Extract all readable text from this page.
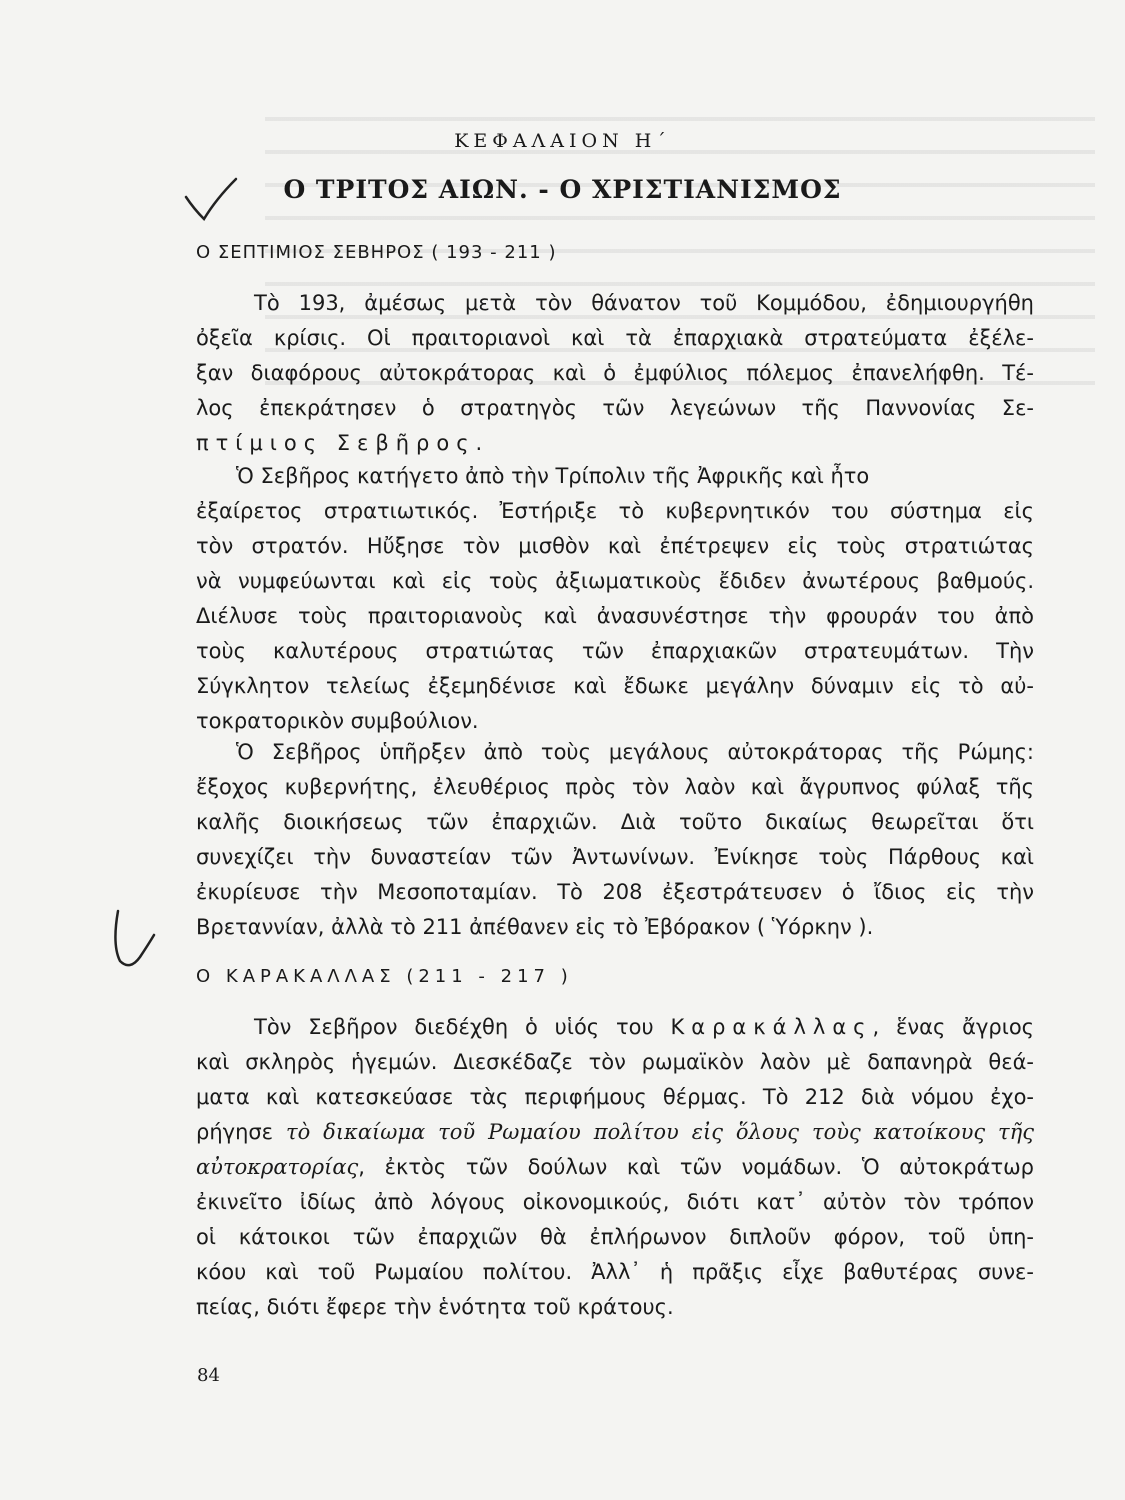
ΚΕΦΑΛΑΙΟΝ Η΄
Ο ΤΡΙΤΟΣ ΑΙΩΝ. - Ο ΧΡΙΣΤΙΑΝΙΣΜΟΣ
Ο ΣΕΠΤΙΜΙΟΣ ΣΕΒΗΡΟΣ ( 193 - 211 )

Τὸ 193, ἀμέσως μετὰ τὸν θάνατον τοῦ Κομμόδου, ἐδημιουργήθη
ὀξεῖα κρίσις. Οἱ πραιτοριανοὶ καὶ τὰ ἐπαρχιακὰ στρατεύματα ἐξέλε-
ξαν διαφόρους αὐτοκράτορας καὶ ὁ ἐμφύλιος πόλεμος ἐπανελήφθη. Τέ-
λος ἐπεκράτησεν ὁ στρατηγὸς τῶν λεγεώνων τῆς Παννονίας Σε-
πτίμιος Σεβῆρος.

Ὁ Σεβῆρος κατήγετο ἀπὸ τὴν Τρίπολιν τῆς Ἀφρικῆς καὶ ἦτο
ἐξαίρετος στρατιωτικός. Ἐστήριξε τὸ κυβερνητικόν του σύστημα εἰς
τὸν στρατόν. Ηὔξησε τὸν μισθὸν καὶ ἐπέτρεψεν εἰς τοὺς στρατιώτας
νὰ νυμφεύωνται καὶ εἰς τοὺς ἀξιωματικοὺς ἔδιδεν ἀνωτέρους βαθμούς.
Διέλυσε τοὺς πραιτοριανοὺς καὶ ἀνασυνέστησε τὴν φρουράν του ἀπὸ
τοὺς καλυτέρους στρατιώτας τῶν ἐπαρχιακῶν στρατευμάτων. Τὴν
Σύγκλητον τελείως ἐξεμηδένισε καὶ ἔδωκε μεγάλην δύναμιν εἰς τὸ αὐ-
τοκρατορικὸν συμβούλιον.

Ὁ Σεβῆρος ὑπῆρξεν ἀπὸ τοὺς μεγάλους αὐτοκράτορας τῆς Ρώμης:
ἔξοχος κυβερνήτης, ἐλευθέριος πρὸς τὸν λαὸν καὶ ἄγρυπνος φύλαξ τῆς
καλῆς διοικήσεως τῶν ἐπαρχιῶν. Διὰ τοῦτο δικαίως θεωρεῖται ὅτι
συνεχίζει τὴν δυναστείαν τῶν Ἀντωνίνων. Ἐνίκησε τοὺς Πάρθους καὶ
ἐκυρίευσε τὴν Μεσοποταμίαν. Τὸ 208 ἐξεστράτευσεν ὁ ἴδιος εἰς τὴν
Βρεταννίαν, ἀλλὰ τὸ 211 ἀπέθανεν εἰς τὸ Ἐβόρακον ( Ὑόρκην ).

Ο ΚΑΡΑΚΑΛΛΑΣ (211 - 217 )

Τὸν Σεβῆρον διεδέχθη ὁ υἱός του Καρακάλλας, ἕνας ἄγριος
καὶ σκληρὸς ἡγεμών. Διεσκέδαζε τὸν ρωμαϊκὸν λαὸν μὲ δαπανηρὰ θεά-
ματα καὶ κατεσκεύασε τὰς περιφήμους θέρμας. Τὸ 212 διὰ νόμου ἐχο-
ρήγησε τὸ δικαίωμα τοῦ Ρωμαίου πολίτου εἰς ὅλους τοὺς κατοίκους τῆς
αὐτοκρατορίας, ἐκτὸς τῶν δούλων καὶ τῶν νομάδων. Ὁ αὐτοκράτωρ
ἐκινεῖτο ἰδίως ἀπὸ λόγους οἰκονομικούς, διότι κατ᾽ αὐτὸν τὸν τρόπον
οἱ κάτοικοι τῶν ἐπαρχιῶν θὰ ἐπλήρωνον διπλοῦν φόρον, τοῦ ὑπη-
κόου καὶ τοῦ Ρωμαίου πολίτου. Ἀλλ᾽ ἡ πρᾶξις εἶχε βαθυτέρας συνε-
πείας, διότι ἔφερε τὴν ἑνότητα τοῦ κράτους.

84
